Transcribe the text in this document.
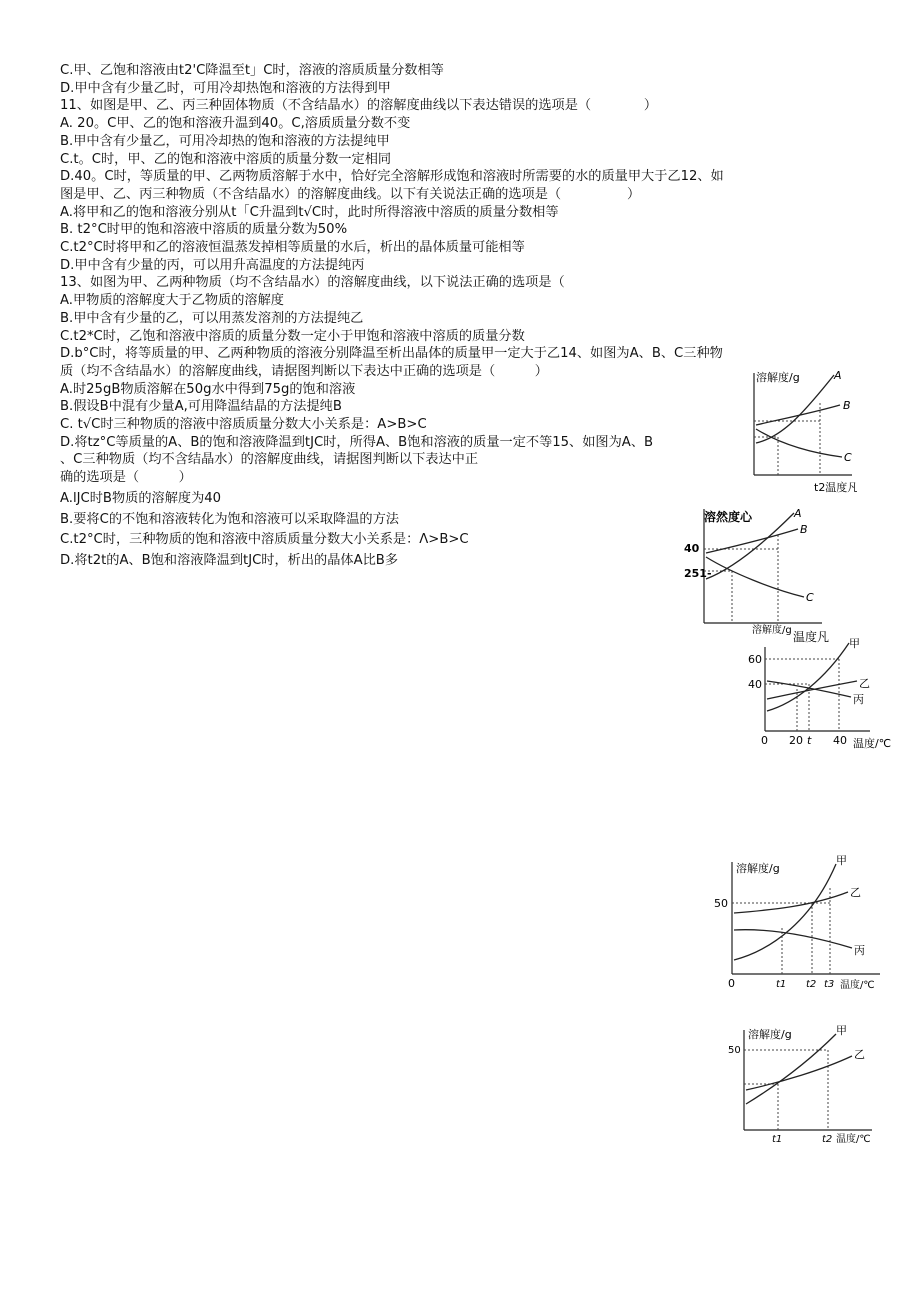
C.甲、乙饱和溶液由t2'C降温至t」C时，溶液的溶质质量分数相等

D.甲中含有少量乙时，可用冷却热饱和溶液的方法得到甲

11、如图是甲、乙、丙三种固体物质（不含结晶水）的溶解度曲线以下表达错误的选项是（　　　　）

A. 20。C甲、乙的饱和溶液升温到40。C,溶质质量分数不变

B.甲中含有少量乙，可用冷却热的饱和溶液的方法提纯甲

C.t。C时，甲、乙的饱和溶液中溶质的质量分数一定相同

D.40。C时，等质量的甲、乙两物质溶解于水中，恰好完全溶解形成饱和溶液时所需要的水的质量甲大于乙12、如

图是甲、乙、丙三种物质（不含结晶水）的溶解度曲线。以下有关说法正确的选项是（　　　　　）

A.将甲和乙的饱和溶液分别从t「C升温到t√C时，此时所得溶液中溶质的质量分数相等

B. t2°C时甲的饱和溶液中溶质的质量分数为50%

C.t2°C时将甲和乙的溶液恒温蒸发掉相等质量的水后，析出的晶体质量可能相等

D.甲中含有少量的丙，可以用升高温度的方法提纯丙

13、如图为甲、乙两种物质（均不含结晶水）的溶解度曲线，以下说法正确的选项是（

A.甲物质的溶解度大于乙物质的溶解度

B.甲中含有少量的乙，可以用蒸发溶剂的方法提纯乙

C.t2*C时，乙饱和溶液中溶质的质量分数一定小于甲饱和溶液中溶质的质量分数

D.b°C时，将等质量的甲、乙两种物质的溶液分别降温至析出晶体的质量甲一定大于乙14、如图为A、B、C三种物

质（均不含结晶水）的溶解度曲线，请据图判断以下表达中正确的选项是（　　　）

A.时25gB物质溶解在50g水中得到75g的饱和溶液

B.假设B中混有少量A,可用降温结晶的方法提纯B

C. t√C时三种物质的溶液中溶质质量分数大小关系是：A>B>C

D.将tz°C等质量的A、B的饱和溶液降温到tJC时，所得A、B饱和溶液的质量一定不等15、如图为A、B

、C三种物质（均不含结晶水）的溶解度曲线，请据图判断以下表达中正

确的选项是（　　　）

A.lJC时B物质的溶解度为40

B.要将C的不饱和溶液转化为饱和溶液可以采取降温的方法

C.t2°C时，三种物质的饱和溶液中溶质质量分数大小关系是：Λ>B>C

D.将t2t的A、B饱和溶液降温到tJC时，析出的晶体A比B多

溶解度/g	A
B
C
t2温度凡
溶然度心
40
251-
A
B
C
溶解度/g 温度凡
60
40
甲
乙
丙
0 20 t 40 温度/℃
溶解度/g
50
甲
乙
丙
0	t1 t2 t3 温度/℃
溶解度/g
50
甲
乙
t1	t2 温度/℃
